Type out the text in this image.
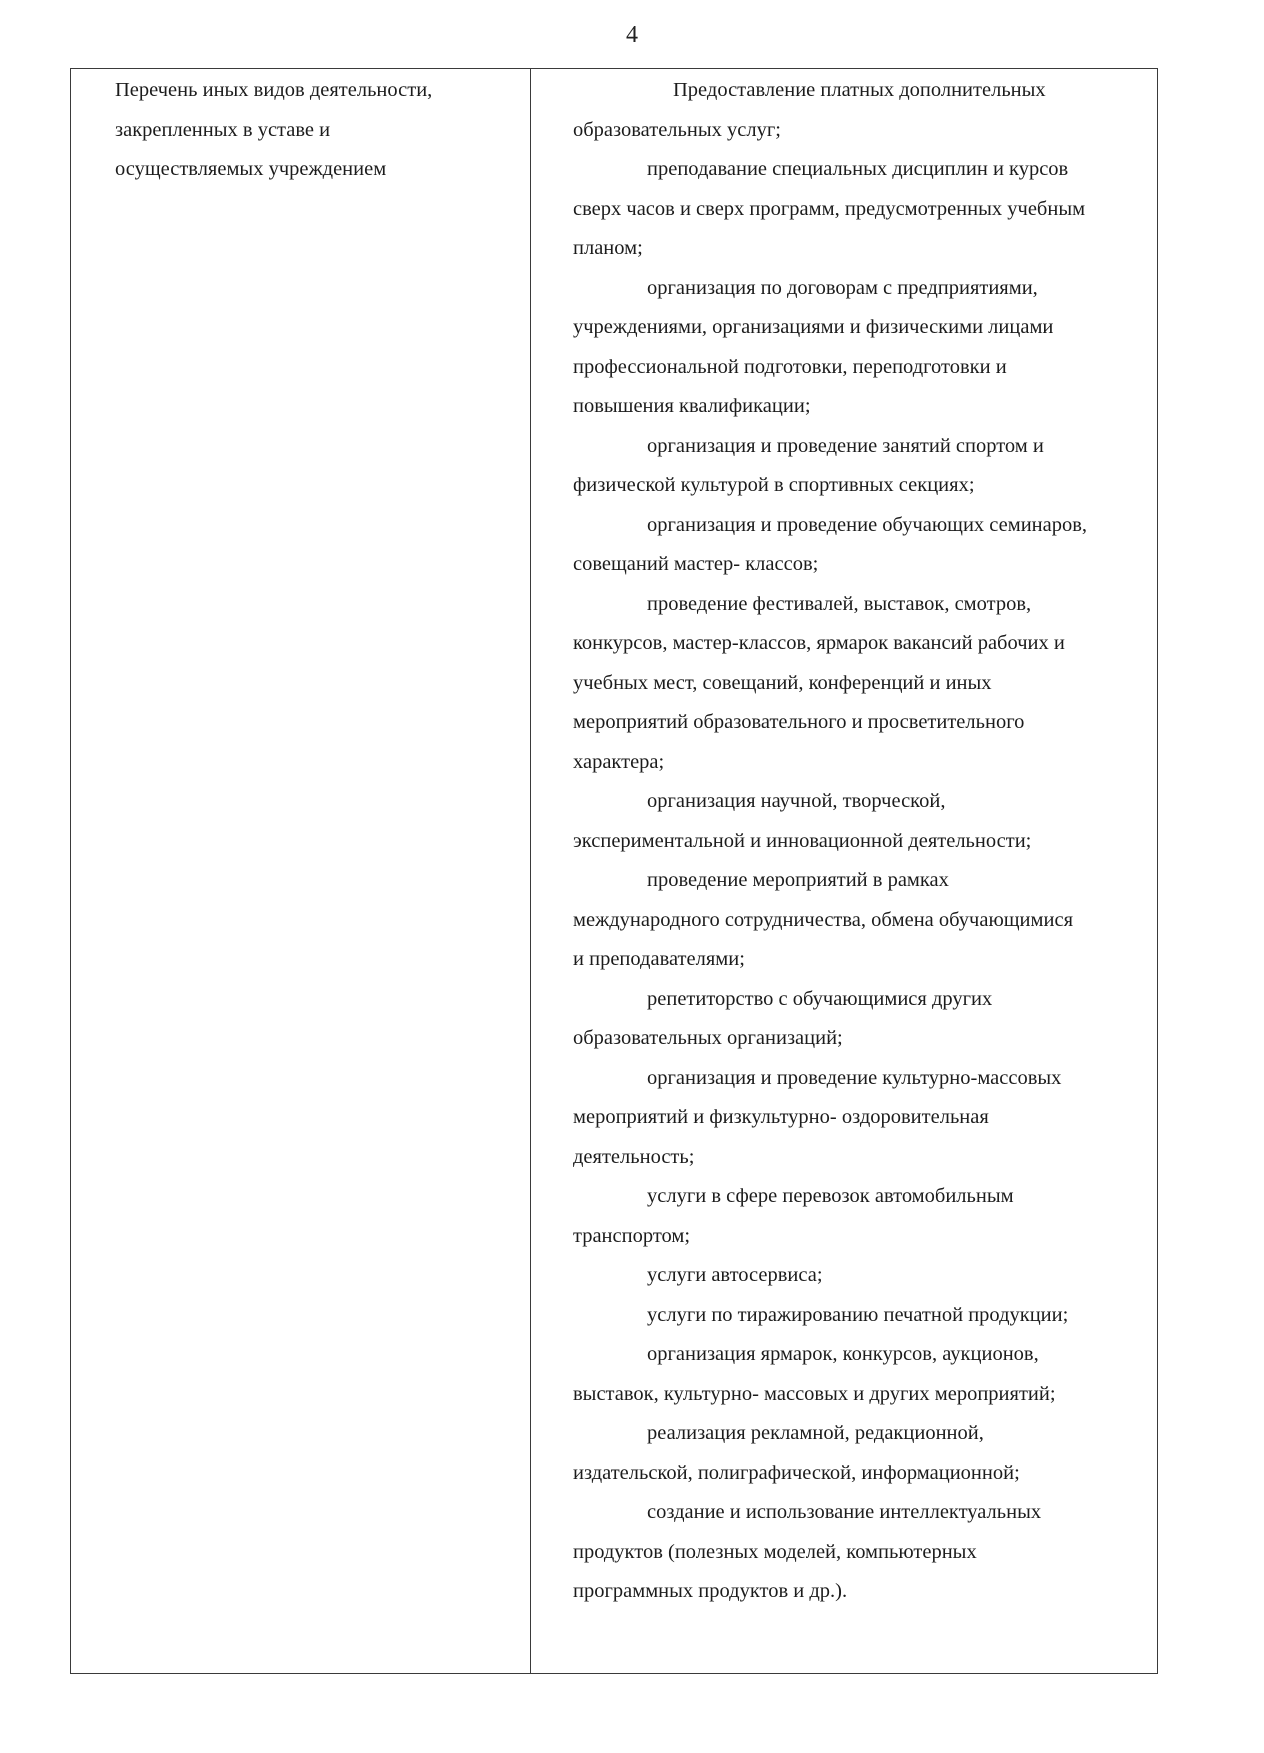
4
Перечень иных видов деятельности,
закрепленных в уставе и
осуществляемых учреждением
Предоставление платных дополнительных
образовательных услуг;
преподавание специальных дисциплин и курсов
сверх часов и сверх программ, предусмотренных учебным
планом;
организация по договорам с предприятиями,
учреждениями, организациями и физическими лицами
профессиональной подготовки, переподготовки и
повышения квалификации;
организация и проведение занятий спортом и
физической культурой в спортивных секциях;
организация и проведение обучающих семинаров,
совещаний мастер- классов;
проведение фестивалей, выставок, смотров,
конкурсов, мастер-классов, ярмарок вакансий рабочих и
учебных мест, совещаний, конференций и иных
мероприятий образовательного и просветительного
характера;
организация научной, творческой,
экспериментальной и инновационной деятельности;
проведение мероприятий в рамках
международного сотрудничества, обмена обучающимися
и преподавателями;
репетиторство с обучающимися других
образовательных организаций;
организация и проведение культурно-массовых
мероприятий и физкультурно- оздоровительная
деятельность;
услуги в сфере перевозок автомобильным
транспортом;
услуги автосервиса;
услуги по тиражированию печатной продукции;
организация ярмарок, конкурсов, аукционов,
выставок, культурно- массовых и других мероприятий;
реализация рекламной, редакционной,
издательской, полиграфической, информационной;
создание и использование интеллектуальных
продуктов (полезных моделей, компьютерных
программных продуктов и др.).
